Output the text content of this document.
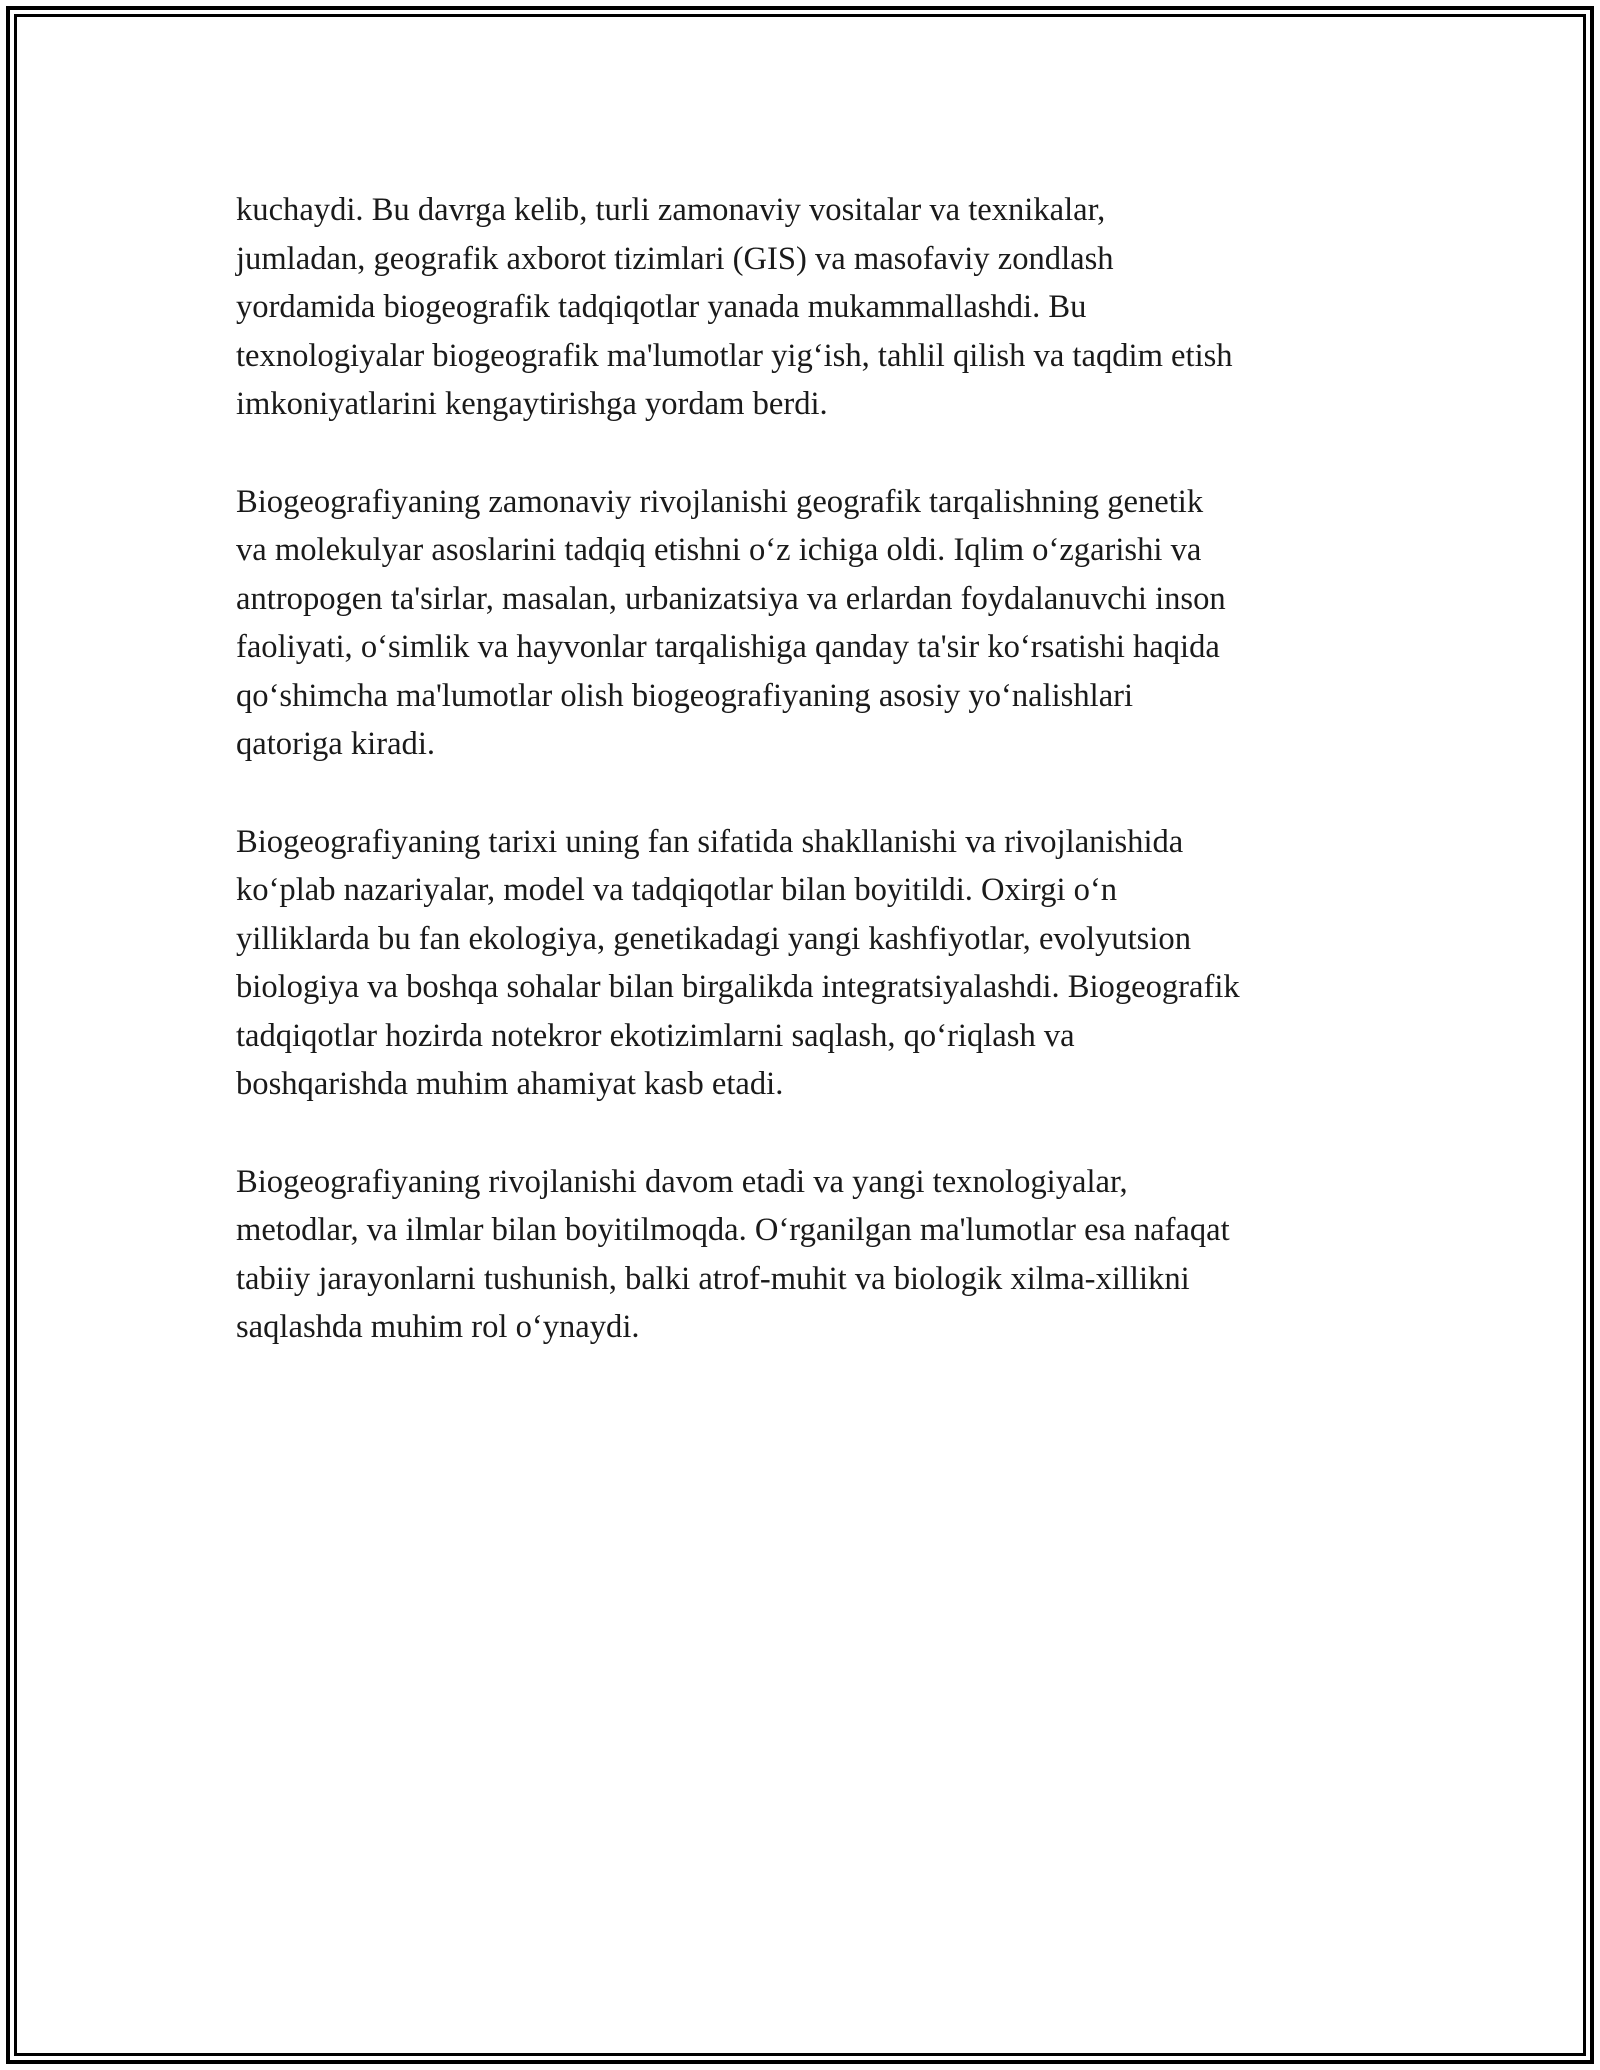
kuchaydi. Bu davrga kelib, turli zamonaviy vositalar va texnikalar,
jumladan, geografik axborot tizimlari (GIS) va masofaviy zondlash
yordamida biogeografik tadqiqotlar yanada mukammallashdi. Bu
texnologiyalar biogeografik ma'lumotlar yig‘ish, tahlil qilish va taqdim etish
imkoniyatlarini kengaytirishga yordam berdi.

Biogeografiyaning zamonaviy rivojlanishi geografik tarqalishning genetik
va molekulyar asoslarini tadqiq etishni o‘z ichiga oldi. Iqlim o‘zgarishi va
antropogen ta'sirlar, masalan, urbanizatsiya va erlardan foydalanuvchi inson
faoliyati, o‘simlik va hayvonlar tarqalishiga qanday ta'sir ko‘rsatishi haqida
qo‘shimcha ma'lumotlar olish biogeografiyaning asosiy yo‘nalishlari
qatoriga kiradi.

Biogeografiyaning tarixi uning fan sifatida shakllanishi va rivojlanishida
ko‘plab nazariyalar, model va tadqiqotlar bilan boyitildi. Oxirgi o‘n
yilliklarda bu fan ekologiya, genetikadagi yangi kashfiyotlar, evolyutsion
biologiya va boshqa sohalar bilan birgalikda integratsiyalashdi. Biogeografik
tadqiqotlar hozirda notekror ekotizimlarni saqlash, qo‘riqlash va
boshqarishda muhim ahamiyat kasb etadi.

Biogeografiyaning rivojlanishi davom etadi va yangi texnologiyalar,
metodlar, va ilmlar bilan boyitilmoqda. O‘rganilgan ma'lumotlar esa nafaqat
tabiiy jarayonlarni tushunish, balki atrof-muhit va biologik xilma-xillikni
saqlashda muhim rol o‘ynaydi.
